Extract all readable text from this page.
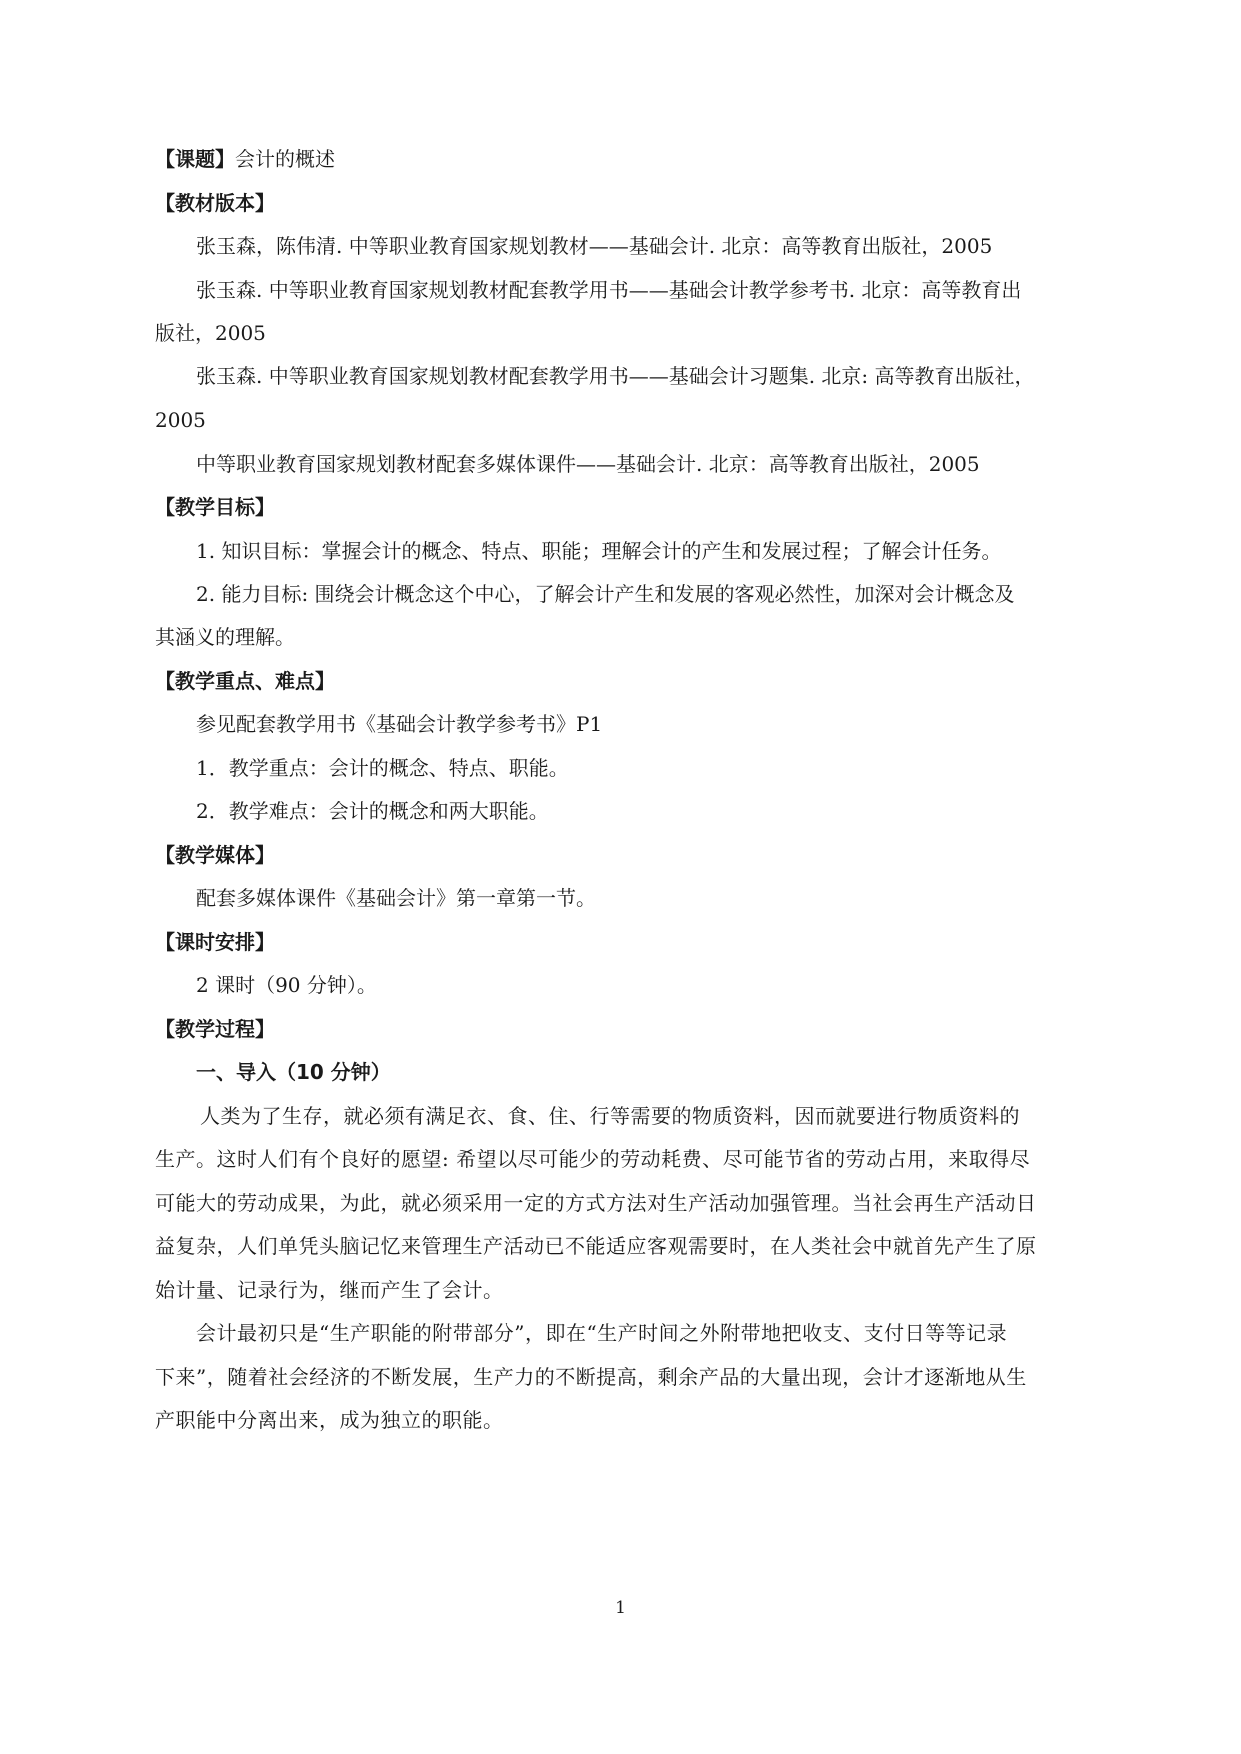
【课题】会计的概述
【教材版本】
张玉森，陈伟清. 中等职业教育国家规划教材——基础会计. 北京：高等教育出版社，2005
张玉森. 中等职业教育国家规划教材配套教学用书——基础会计教学参考书. 北京：高等教育出
版社，2005
张玉森. 中等职业教育国家规划教材配套教学用书——基础会计习题集. 北京: 高等教育出版社，
2005
中等职业教育国家规划教材配套多媒体课件——基础会计. 北京：高等教育出版社，2005
【教学目标】
1. 知识目标：掌握会计的概念、特点、职能；理解会计的产生和发展过程；了解会计任务。
2. 能力目标: 围绕会计概念这个中心，了解会计产生和发展的客观必然性，加深对会计概念及
其涵义的理解。
【教学重点、难点】
参见配套教学用书《基础会计教学参考书》P1
1．教学重点：会计的概念、特点、职能。
2．教学难点：会计的概念和两大职能。
【教学媒体】
配套多媒体课件《基础会计》第一章第一节。
【课时安排】
2 课时（90 分钟）。
【教学过程】
一、导入（10 分钟）
人类为了生存，就必须有满足衣、食、住、行等需要的物质资料，因而就要进行物质资料的
生产。这时人们有个良好的愿望: 希望以尽可能少的劳动耗费、尽可能节省的劳动占用，来取得尽
可能大的劳动成果，为此，就必须采用一定的方式方法对生产活动加强管理。当社会再生产活动日
益复杂，人们单凭头脑记忆来管理生产活动已不能适应客观需要时，在人类社会中就首先产生了原
始计量、记录行为，继而产生了会计。
会计最初只是“生产职能的附带部分”，即在“生产时间之外附带地把收支、支付日等等记录
下来”，随着社会经济的不断发展，生产力的不断提高，剩余产品的大量出现，会计才逐渐地从生
产职能中分离出来，成为独立的职能。
1
